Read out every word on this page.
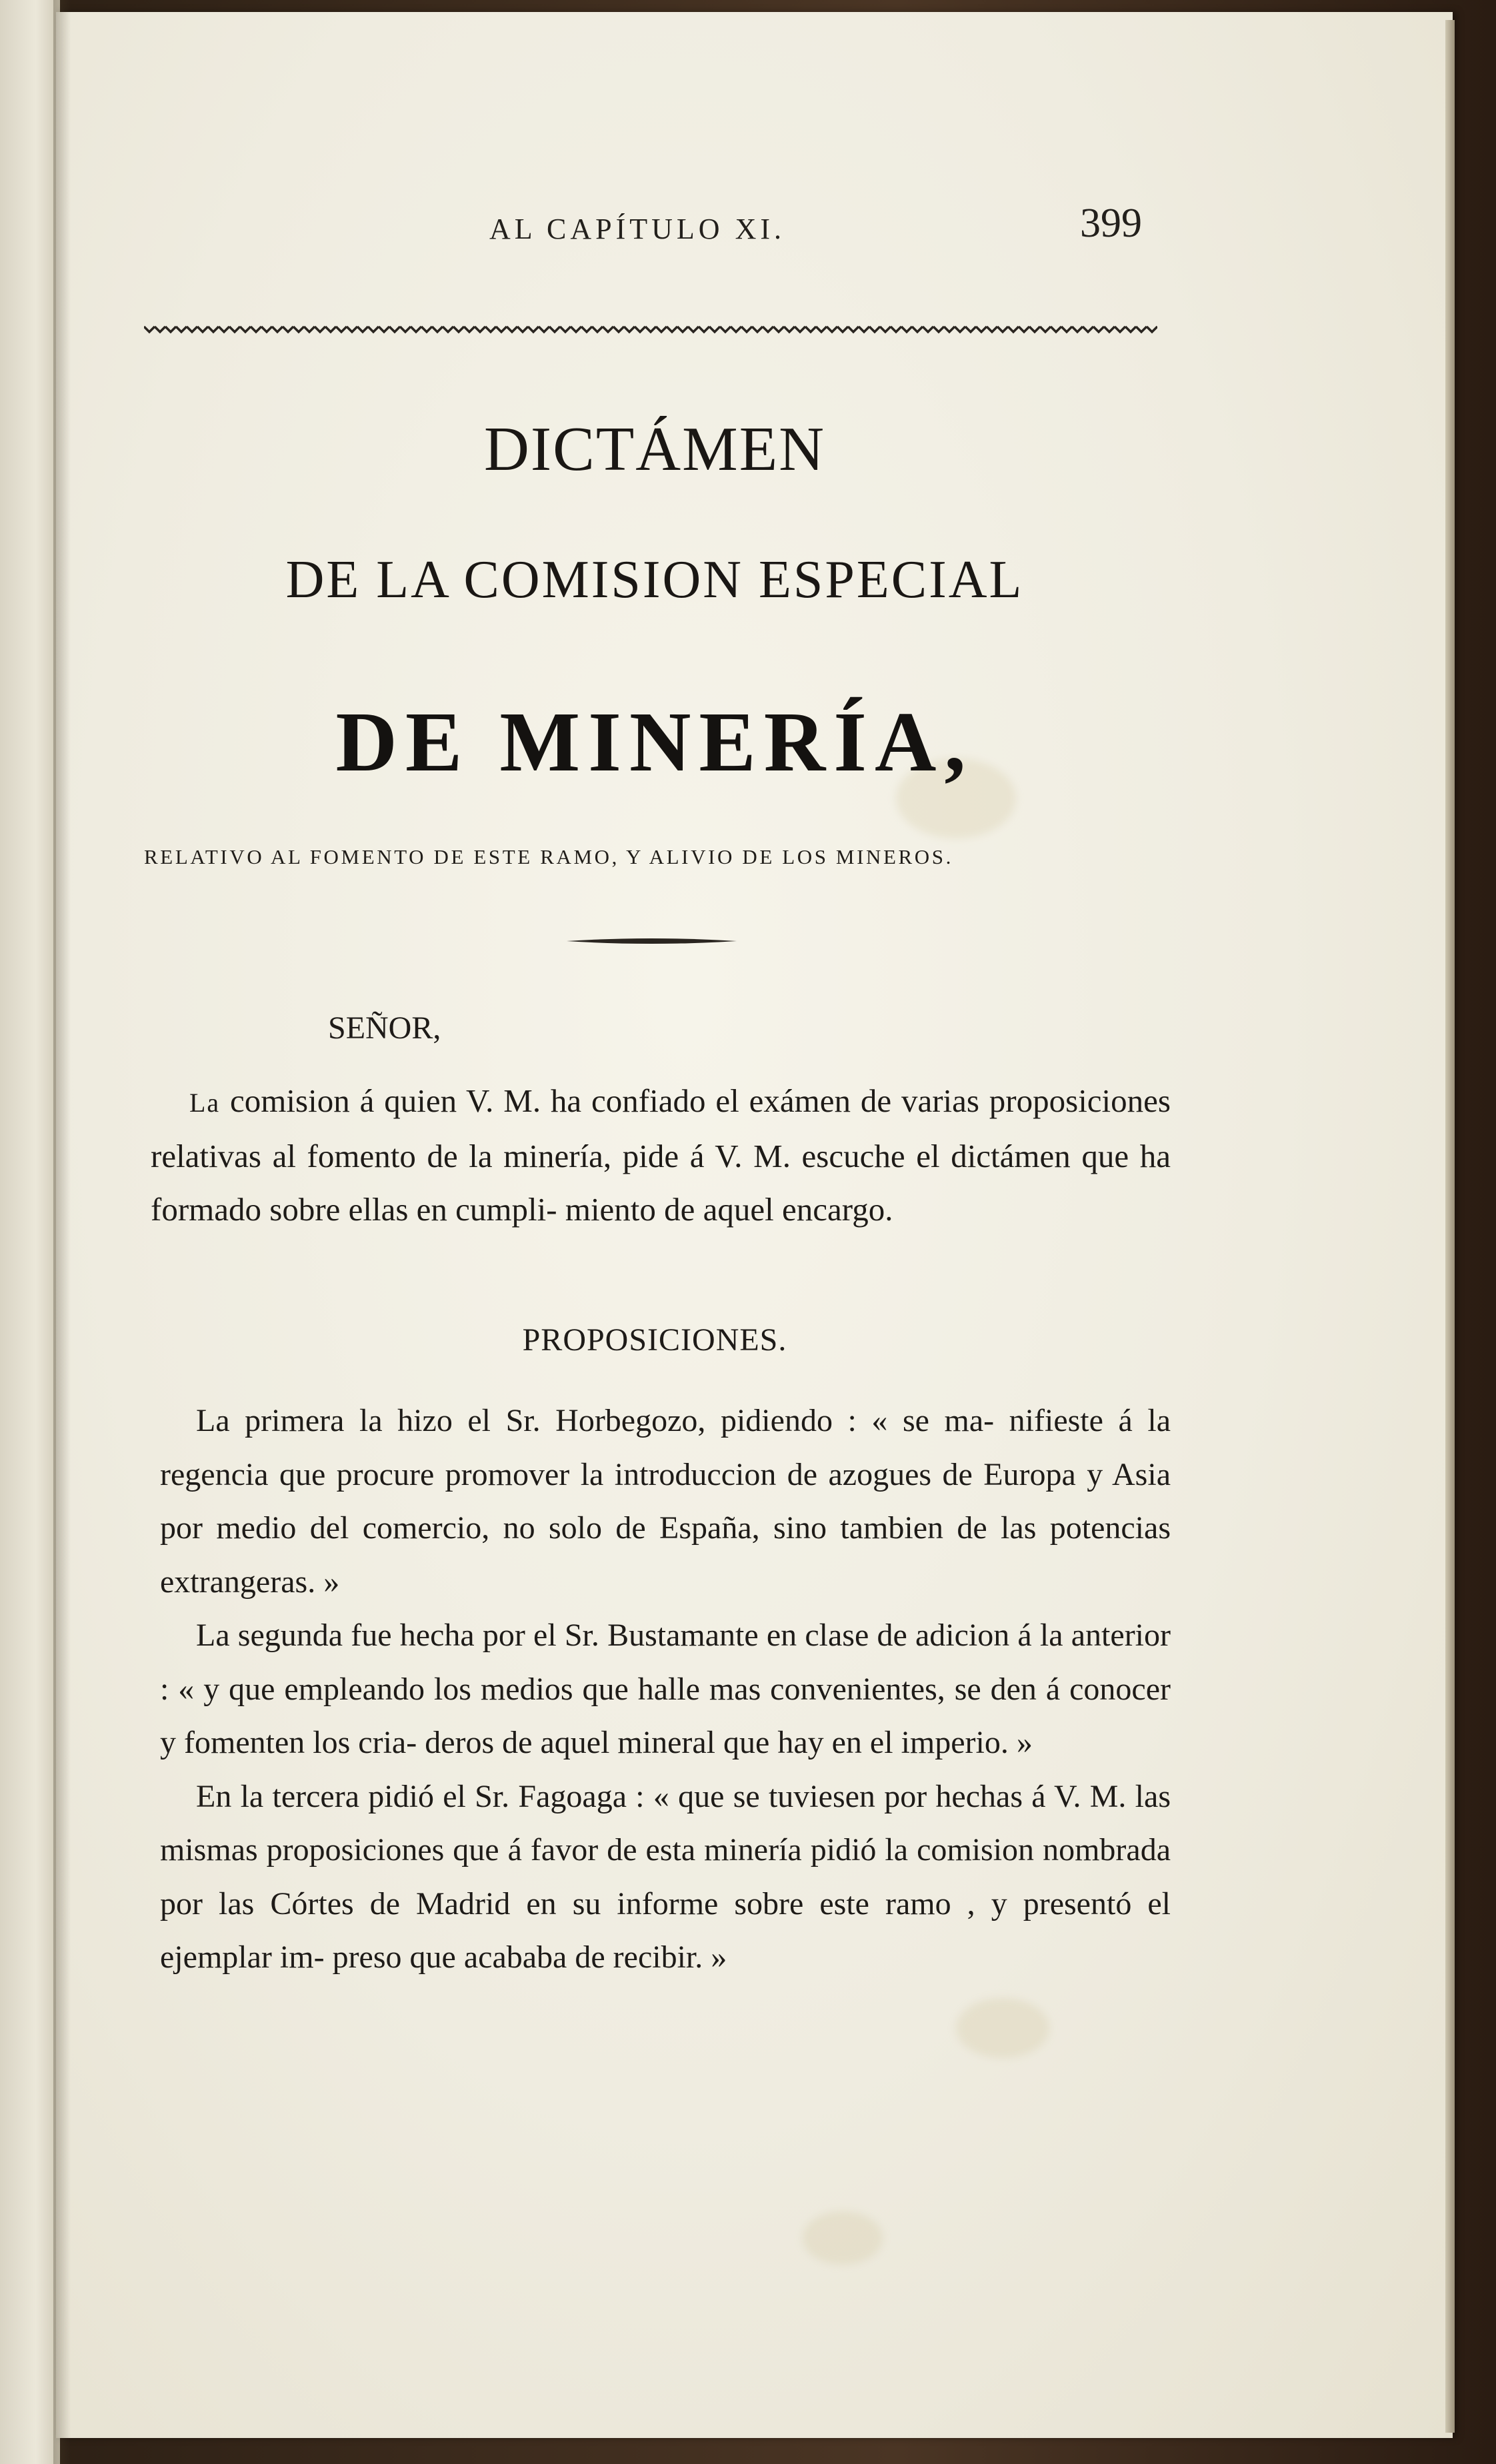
AL CAPÍTULO XI.	399
DICTÁMEN
DE LA COMISION ESPECIAL
DE MINERÍA,
RELATIVO AL FOMENTO DE ESTE RAMO, Y ALIVIO DE LOS MINEROS.
SEÑOR,
La comision á quien V. M. ha confiado el exámen de varias proposiciones relativas al fomento de la minería, pide á V. M. escuche el dictámen que ha formado sobre ellas en cumpli- miento de aquel encargo.
PROPOSICIONES.

La primera la hizo el Sr. Horbegozo, pidiendo : « se ma- nifieste á la regencia que procure promover la introduccion de azogues de Europa y Asia por medio del comercio, no solo de España, sino tambien de las potencias extrangeras. »

La segunda fue hecha por el Sr. Bustamante en clase de adicion á la anterior : « y que empleando los medios que halle mas convenientes, se den á conocer y fomenten los cria- deros de aquel mineral que hay en el imperio. »

En la tercera pidió el Sr. Fagoaga : « que se tuviesen por hechas á V. M. las mismas proposiciones que á favor de esta minería pidió la comision nombrada por las Córtes de Madrid en su informe sobre este ramo , y presentó el ejemplar im- preso que acababa de recibir. »
